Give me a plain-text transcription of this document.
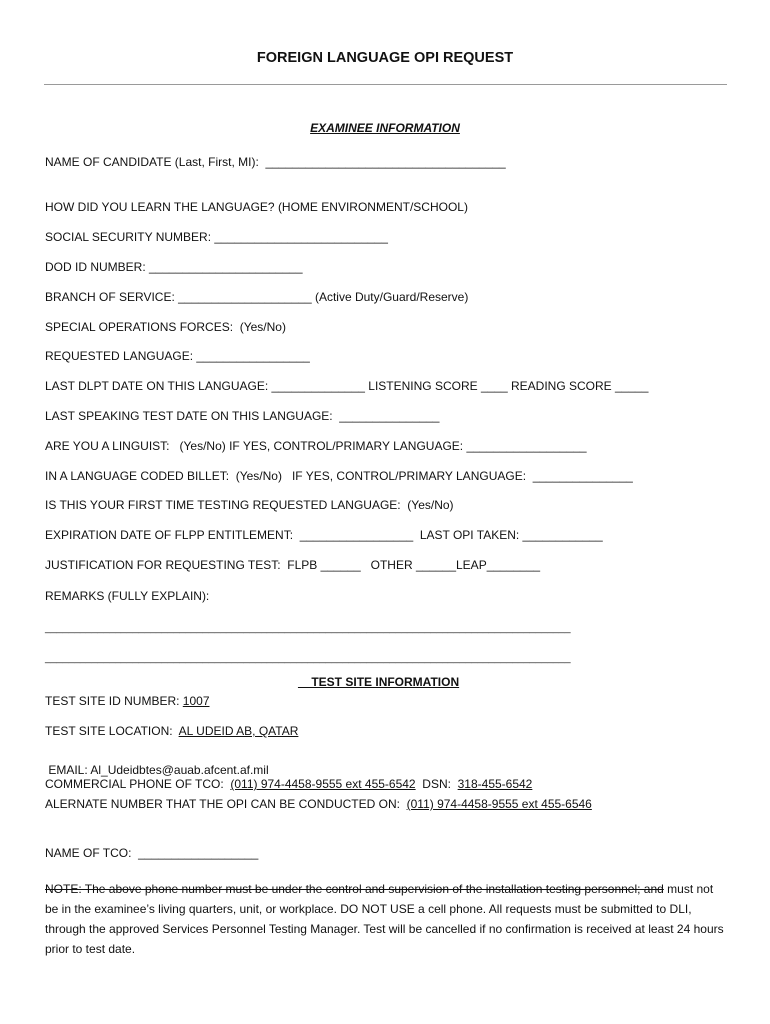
FOREIGN LANGUAGE OPI REQUEST
EXAMINEE INFORMATION
NAME OF CANDIDATE (Last, First, MI):  ____________________________________
HOW DID YOU LEARN THE LANGUAGE? (HOME ENVIRONMENT/SCHOOL)
SOCIAL SECURITY NUMBER: __________________________
DOD ID NUMBER: _______________________
BRANCH OF SERVICE: ____________________ (Active Duty/Guard/Reserve)
SPECIAL OPERATIONS FORCES:  (Yes/No)
REQUESTED LANGUAGE: _________________
LAST DLPT DATE ON THIS LANGUAGE: ______________ LISTENING SCORE ____ READING SCORE _____
LAST SPEAKING TEST DATE ON THIS LANGUAGE:  _______________
ARE YOU A LINGUIST:   (Yes/No) IF YES, CONTROL/PRIMARY LANGUAGE: __________________
IN A LANGUAGE CODED BILLET:  (Yes/No)   IF YES, CONTROL/PRIMARY LANGUAGE:  _______________
IS THIS YOUR FIRST TIME TESTING REQUESTED LANGUAGE:  (Yes/No)
EXPIRATION DATE OF FLPP ENTITLEMENT:  _________________  LAST OPI TAKEN: ____________
JUSTIFICATION FOR REQUESTING TEST:  FLPB ______   OTHER ______LEAP________
REMARKS (FULLY EXPLAIN):
__________________________________________________________________________________________
__________________________________________________________________________________________
__TEST SITE INFORMATION
TEST SITE ID NUMBER: 1007
TEST SITE LOCATION:  AL UDEID AB, QATAR
EMAIL: Al_Udeidbtes@auab.afcent.af.mil
COMMERCIAL PHONE OF TCO:  (011) 974-4458-9555 ext 455-6542  DSN:  318-455-6542
ALERNATE NUMBER THAT THE OPI CAN BE CONDUCTED ON:  (011) 974-4458-9555 ext 455-6546
NAME OF TCO:  __________________
NOTE: The above phone number must be under the control and supervision of the installation testing personnel; and must not be in the examinee’s living quarters, unit, or workplace. DO NOT USE a cell phone. All requests must be submitted to DLI, through the approved Services Personnel Testing Manager. Test will be cancelled if no confirmation is received at least 24 hours prior to test date.
